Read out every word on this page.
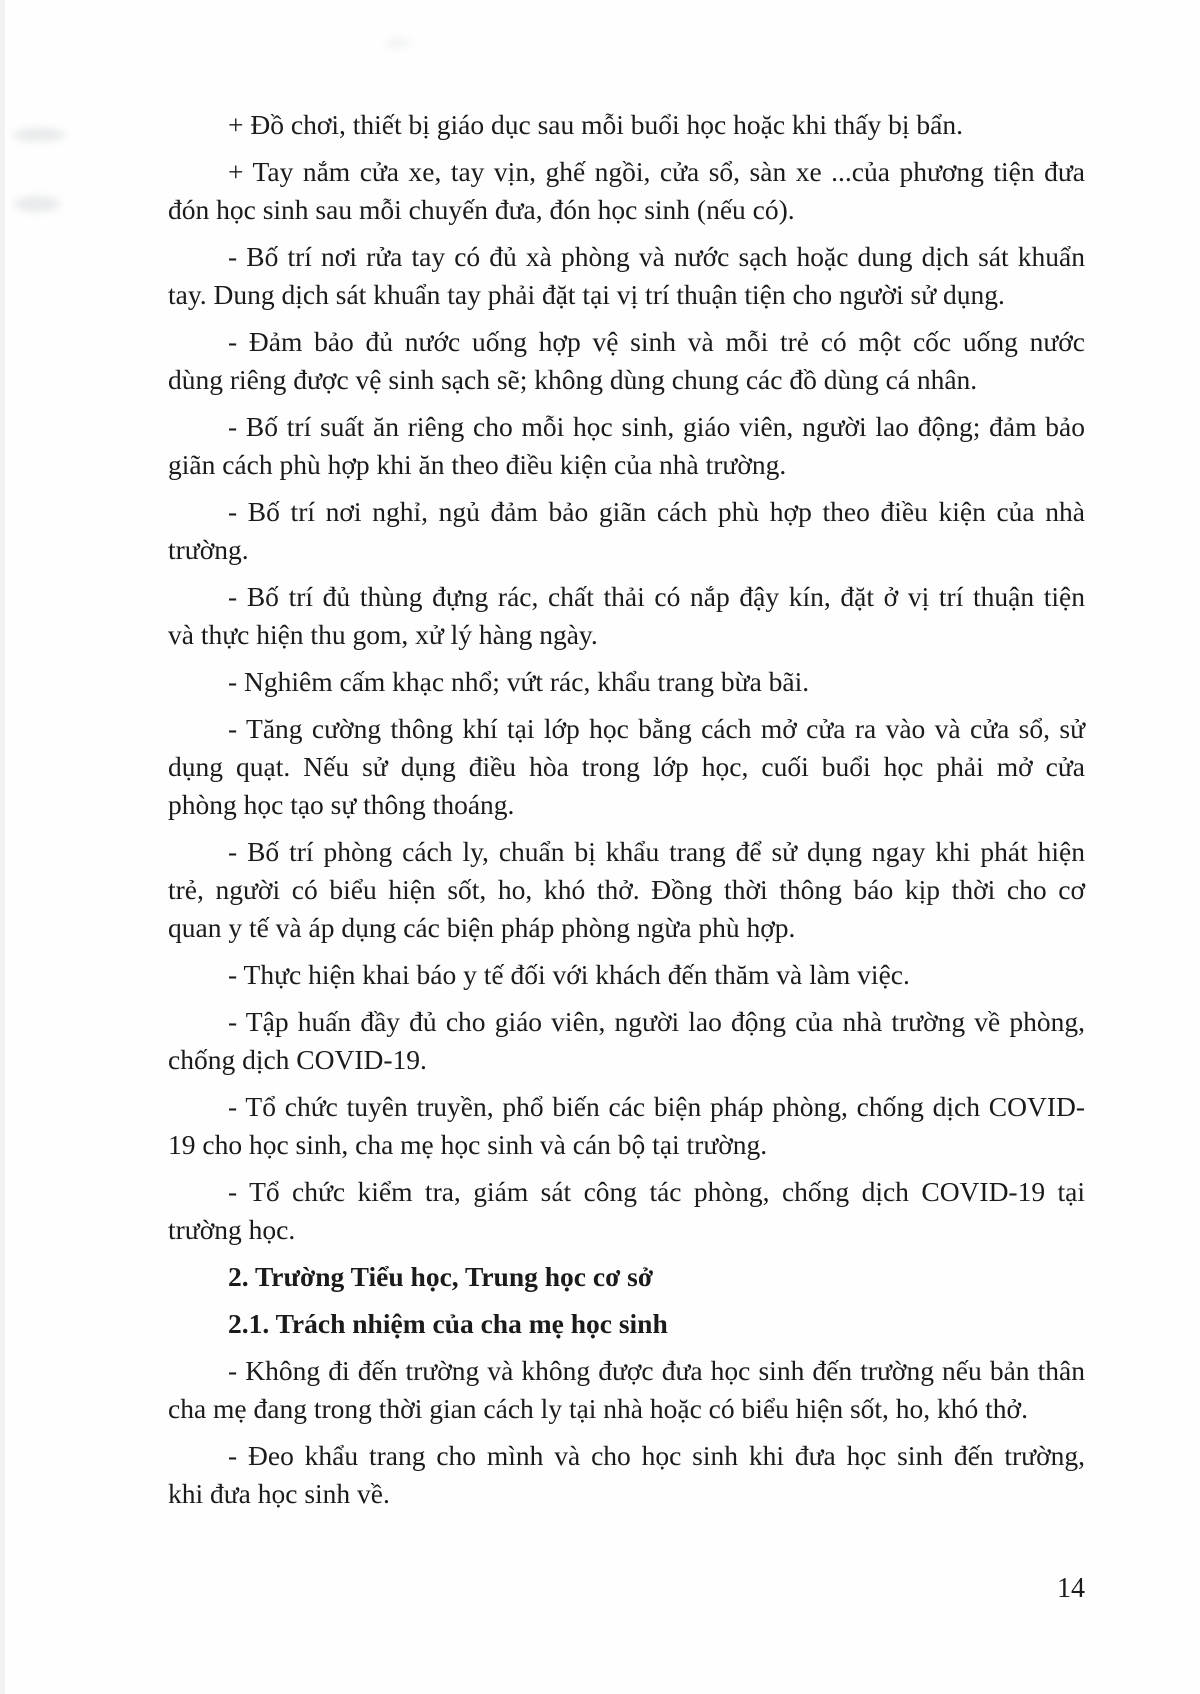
+ Đồ chơi, thiết bị giáo dục sau mỗi buổi học hoặc khi thấy bị bẩn.
+ Tay nắm cửa xe, tay vịn, ghế ngồi, cửa sổ, sàn xe ...của phương tiện đưa
đón học sinh sau mỗi chuyến đưa, đón học sinh (nếu có).
- Bố trí nơi rửa tay có đủ xà phòng và nước sạch hoặc dung dịch sát khuẩn
tay. Dung dịch sát khuẩn tay phải đặt tại vị trí thuận tiện cho người sử dụng.
- Đảm bảo đủ nước uống hợp vệ sinh và mỗi trẻ có một cốc uống nước
dùng riêng được vệ sinh sạch sẽ; không dùng chung các đồ dùng cá nhân.
- Bố trí suất ăn riêng cho mỗi học sinh, giáo viên, người lao động; đảm bảo
giãn cách phù hợp khi ăn theo điều kiện của nhà trường.
- Bố trí nơi nghỉ, ngủ đảm bảo giãn cách phù hợp theo điều kiện của nhà
trường.
- Bố trí đủ thùng đựng rác, chất thải có nắp đậy kín, đặt ở vị trí thuận tiện
và thực hiện thu gom, xử lý hàng ngày.
- Nghiêm cấm khạc nhổ; vứt rác, khẩu trang bừa bãi.
- Tăng cường thông khí tại lớp học bằng cách mở cửa ra vào và cửa sổ, sử
dụng quạt. Nếu sử dụng điều hòa trong lớp học, cuối buổi học phải mở cửa
phòng học tạo sự thông thoáng.
- Bố trí phòng cách ly, chuẩn bị khẩu trang để sử dụng ngay khi phát hiện
trẻ, người có biểu hiện sốt, ho, khó thở. Đồng thời thông báo kịp thời cho cơ
quan y tế và áp dụng các biện pháp phòng ngừa phù hợp.
- Thực hiện khai báo y tế đối với khách đến thăm và làm việc.
- Tập huấn đầy đủ cho giáo viên, người lao động của nhà trường về phòng,
chống dịch COVID-19.
- Tổ chức tuyên truyền, phổ biến các biện pháp phòng, chống dịch COVID-
19 cho học sinh, cha mẹ học sinh và cán bộ tại trường.
- Tổ chức kiểm tra, giám sát công tác phòng, chống dịch COVID-19 tại
trường học.
2. Trường Tiểu học, Trung học cơ sở
2.1. Trách nhiệm của cha mẹ học sinh
- Không đi đến trường và không được đưa học sinh đến trường nếu bản thân
cha mẹ đang trong thời gian cách ly tại nhà hoặc có biểu hiện sốt, ho, khó thở.
- Đeo khẩu trang cho mình và cho học sinh khi đưa học sinh đến trường,
khi đưa học sinh về.
14
